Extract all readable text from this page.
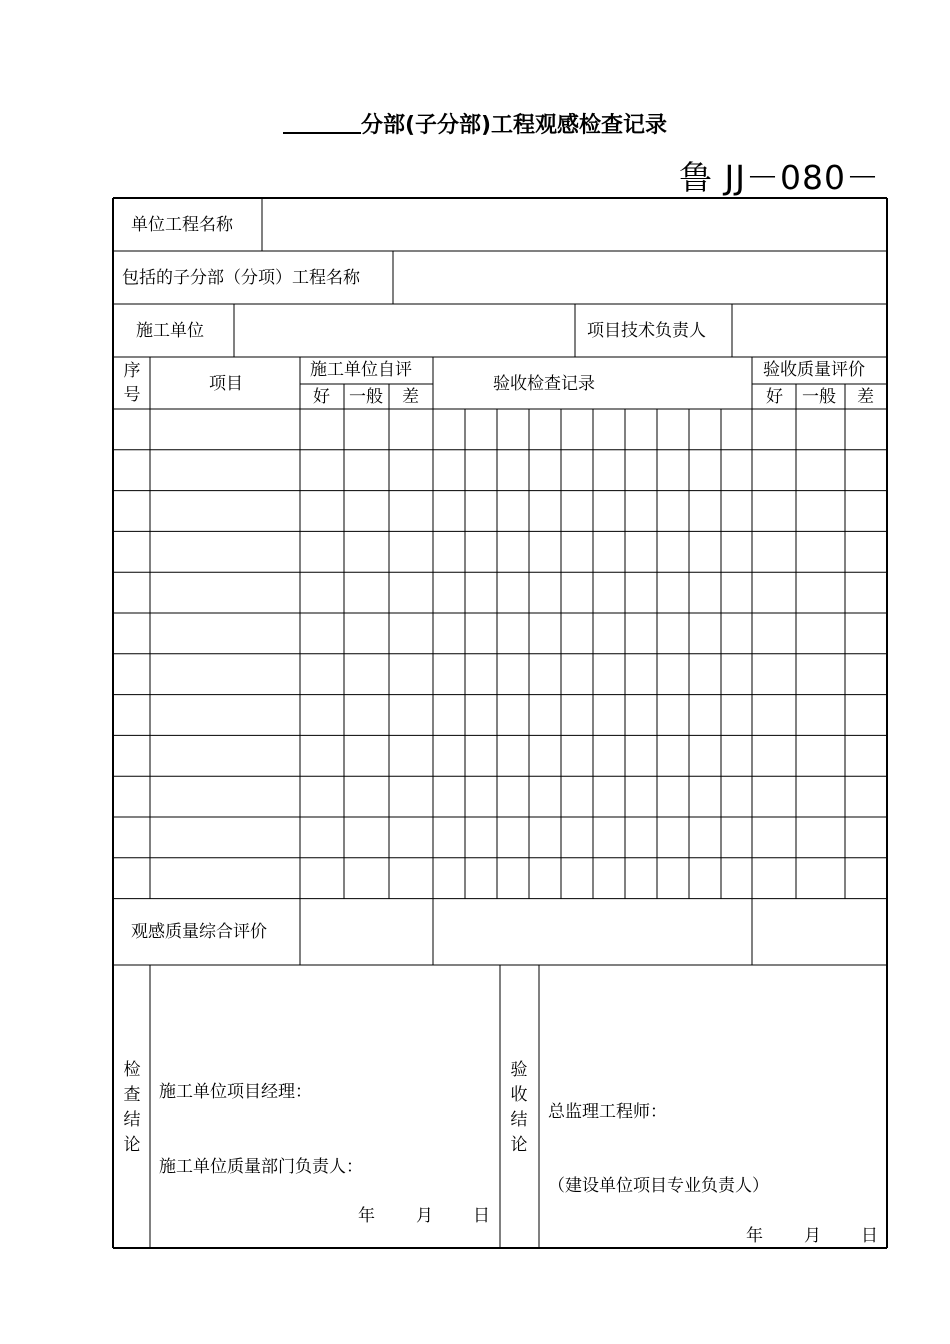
分部(子分部)工程观感检查记录
鲁 JJ－080－
单位工程名称
包括的子分部（分项）工程名称
施工单位	项目技术负责人
序号
项目
施工单位自评
好 一般 差
验收检查记录
验收质量评价
好 一般 差
观感质量综合评价
检查结论
施工单位项目经理：
施工单位质量部门负责人：
年 月 日
验收结论
总监理工程师：
（建设单位项目专业负责人）
年 月 日
